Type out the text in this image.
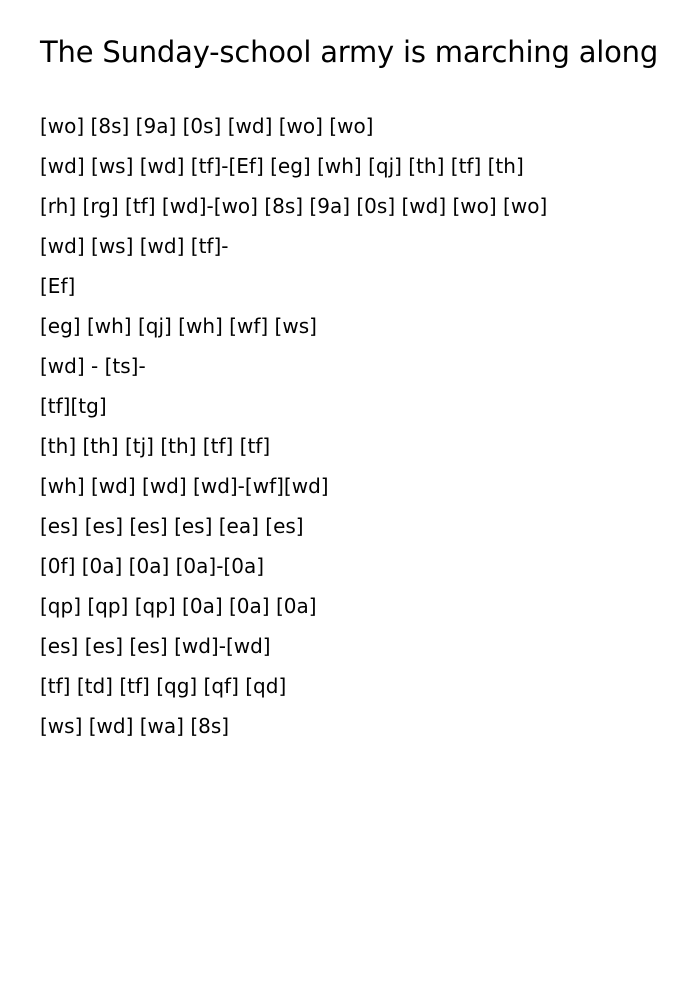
The Sunday-school army is marching along
[wo] [8s] [9a] [0s] [wd] [wo] [wo]
[wd] [ws] [wd] [tf]-[Ef] [eg] [wh] [qj] [th] [tf] [th]
[rh] [rg] [tf] [wd]-[wo] [8s] [9a] [0s] [wd] [wo] [wo]
[wd] [ws] [wd] [tf]-
[Ef]
[eg] [wh] [qj] [wh] [wf] [ws]
[wd] - [ts]-
[tf][tg]
[th] [th] [tj] [th] [tf] [tf]
[wh] [wd] [wd] [wd]-[wf][wd]
[es] [es] [es] [es] [ea] [es]
[0f] [0a] [0a] [0a]-[0a]
[qp] [qp] [qp] [0a] [0a] [0a]
[es] [es] [es] [wd]-[wd]
[tf] [td] [tf] [qg] [qf] [qd]
[ws] [wd] [wa] [8s]
